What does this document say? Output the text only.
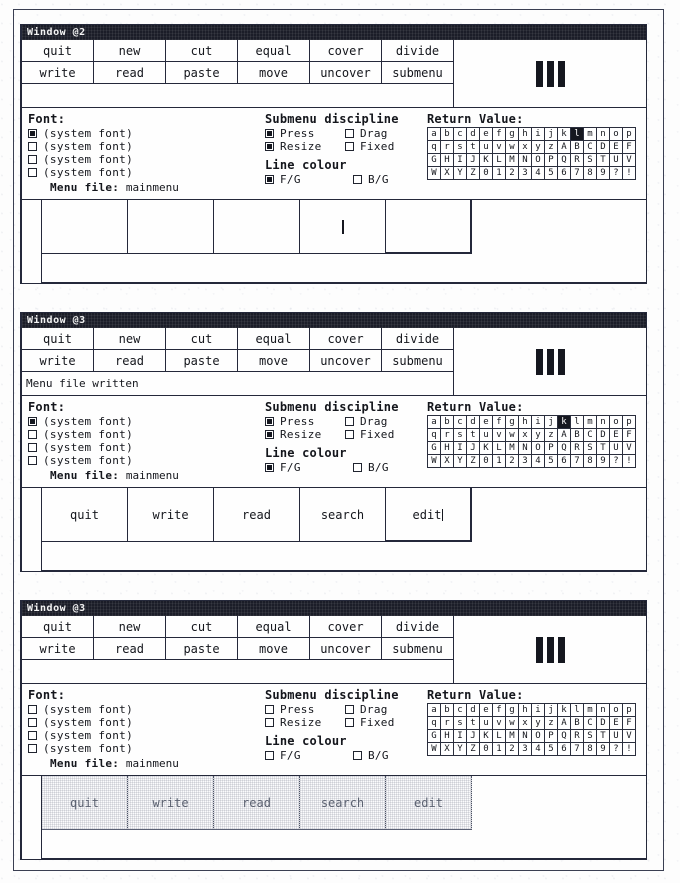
Window @2
quit	new	cut	equal	cover	divide
write	read	paste	move	uncover	submenu
Font:
(system font)
(system font)
(system font)
(system font)
Menu file: mainmenu
Submenu discipline
Press	Drag
Resize	Fixed
Line colour
F/G	B/G
Return Value:
a	b	c	d	e	f	g	h	i	j	k	l	m	n	o	p
q	r	s	t	u	v	w	x	y	z	A	B	C	D	E	F
G	H	I	J	K	L	M	N	O	P	Q	R	S	T	U	V
W	X	Y	Z	0	1	2	3	4	5	6	7	8	9	?	!
Window @3
quit	new	cut	equal	cover	divide
write	read	paste	move	uncover	submenu
Menu file written
Font:
(system font)
(system font)
(system font)
(system font)
Menu file: mainmenu
Submenu discipline
Press	Drag
Resize	Fixed
Line colour
F/G	B/G
Return Value:
a	b	c	d	e	f	g	h	i	j	k	l	m	n	o	p
q	r	s	t	u	v	w	x	y	z	A	B	C	D	E	F
G	H	I	J	K	L	M	N	O	P	Q	R	S	T	U	V
W	X	Y	Z	0	1	2	3	4	5	6	7	8	9	?	!
quit	write	read	search	edit
Window @3
quit	new	cut	equal	cover	divide
write	read	paste	move	uncover	submenu
Font:
(system font)
(system font)
(system font)
(system font)
Menu file: mainmenu
Submenu discipline
Press	Drag
Resize	Fixed
Line colour
F/G	B/G
Return Value:
a	b	c	d	e	f	g	h	i	j	k	l	m	n	o	p
q	r	s	t	u	v	w	x	y	z	A	B	C	D	E	F
G	H	I	J	K	L	M	N	O	P	Q	R	S	T	U	V
W	X	Y	Z	0	1	2	3	4	5	6	7	8	9	?	!
quit	write	read	search	edit
